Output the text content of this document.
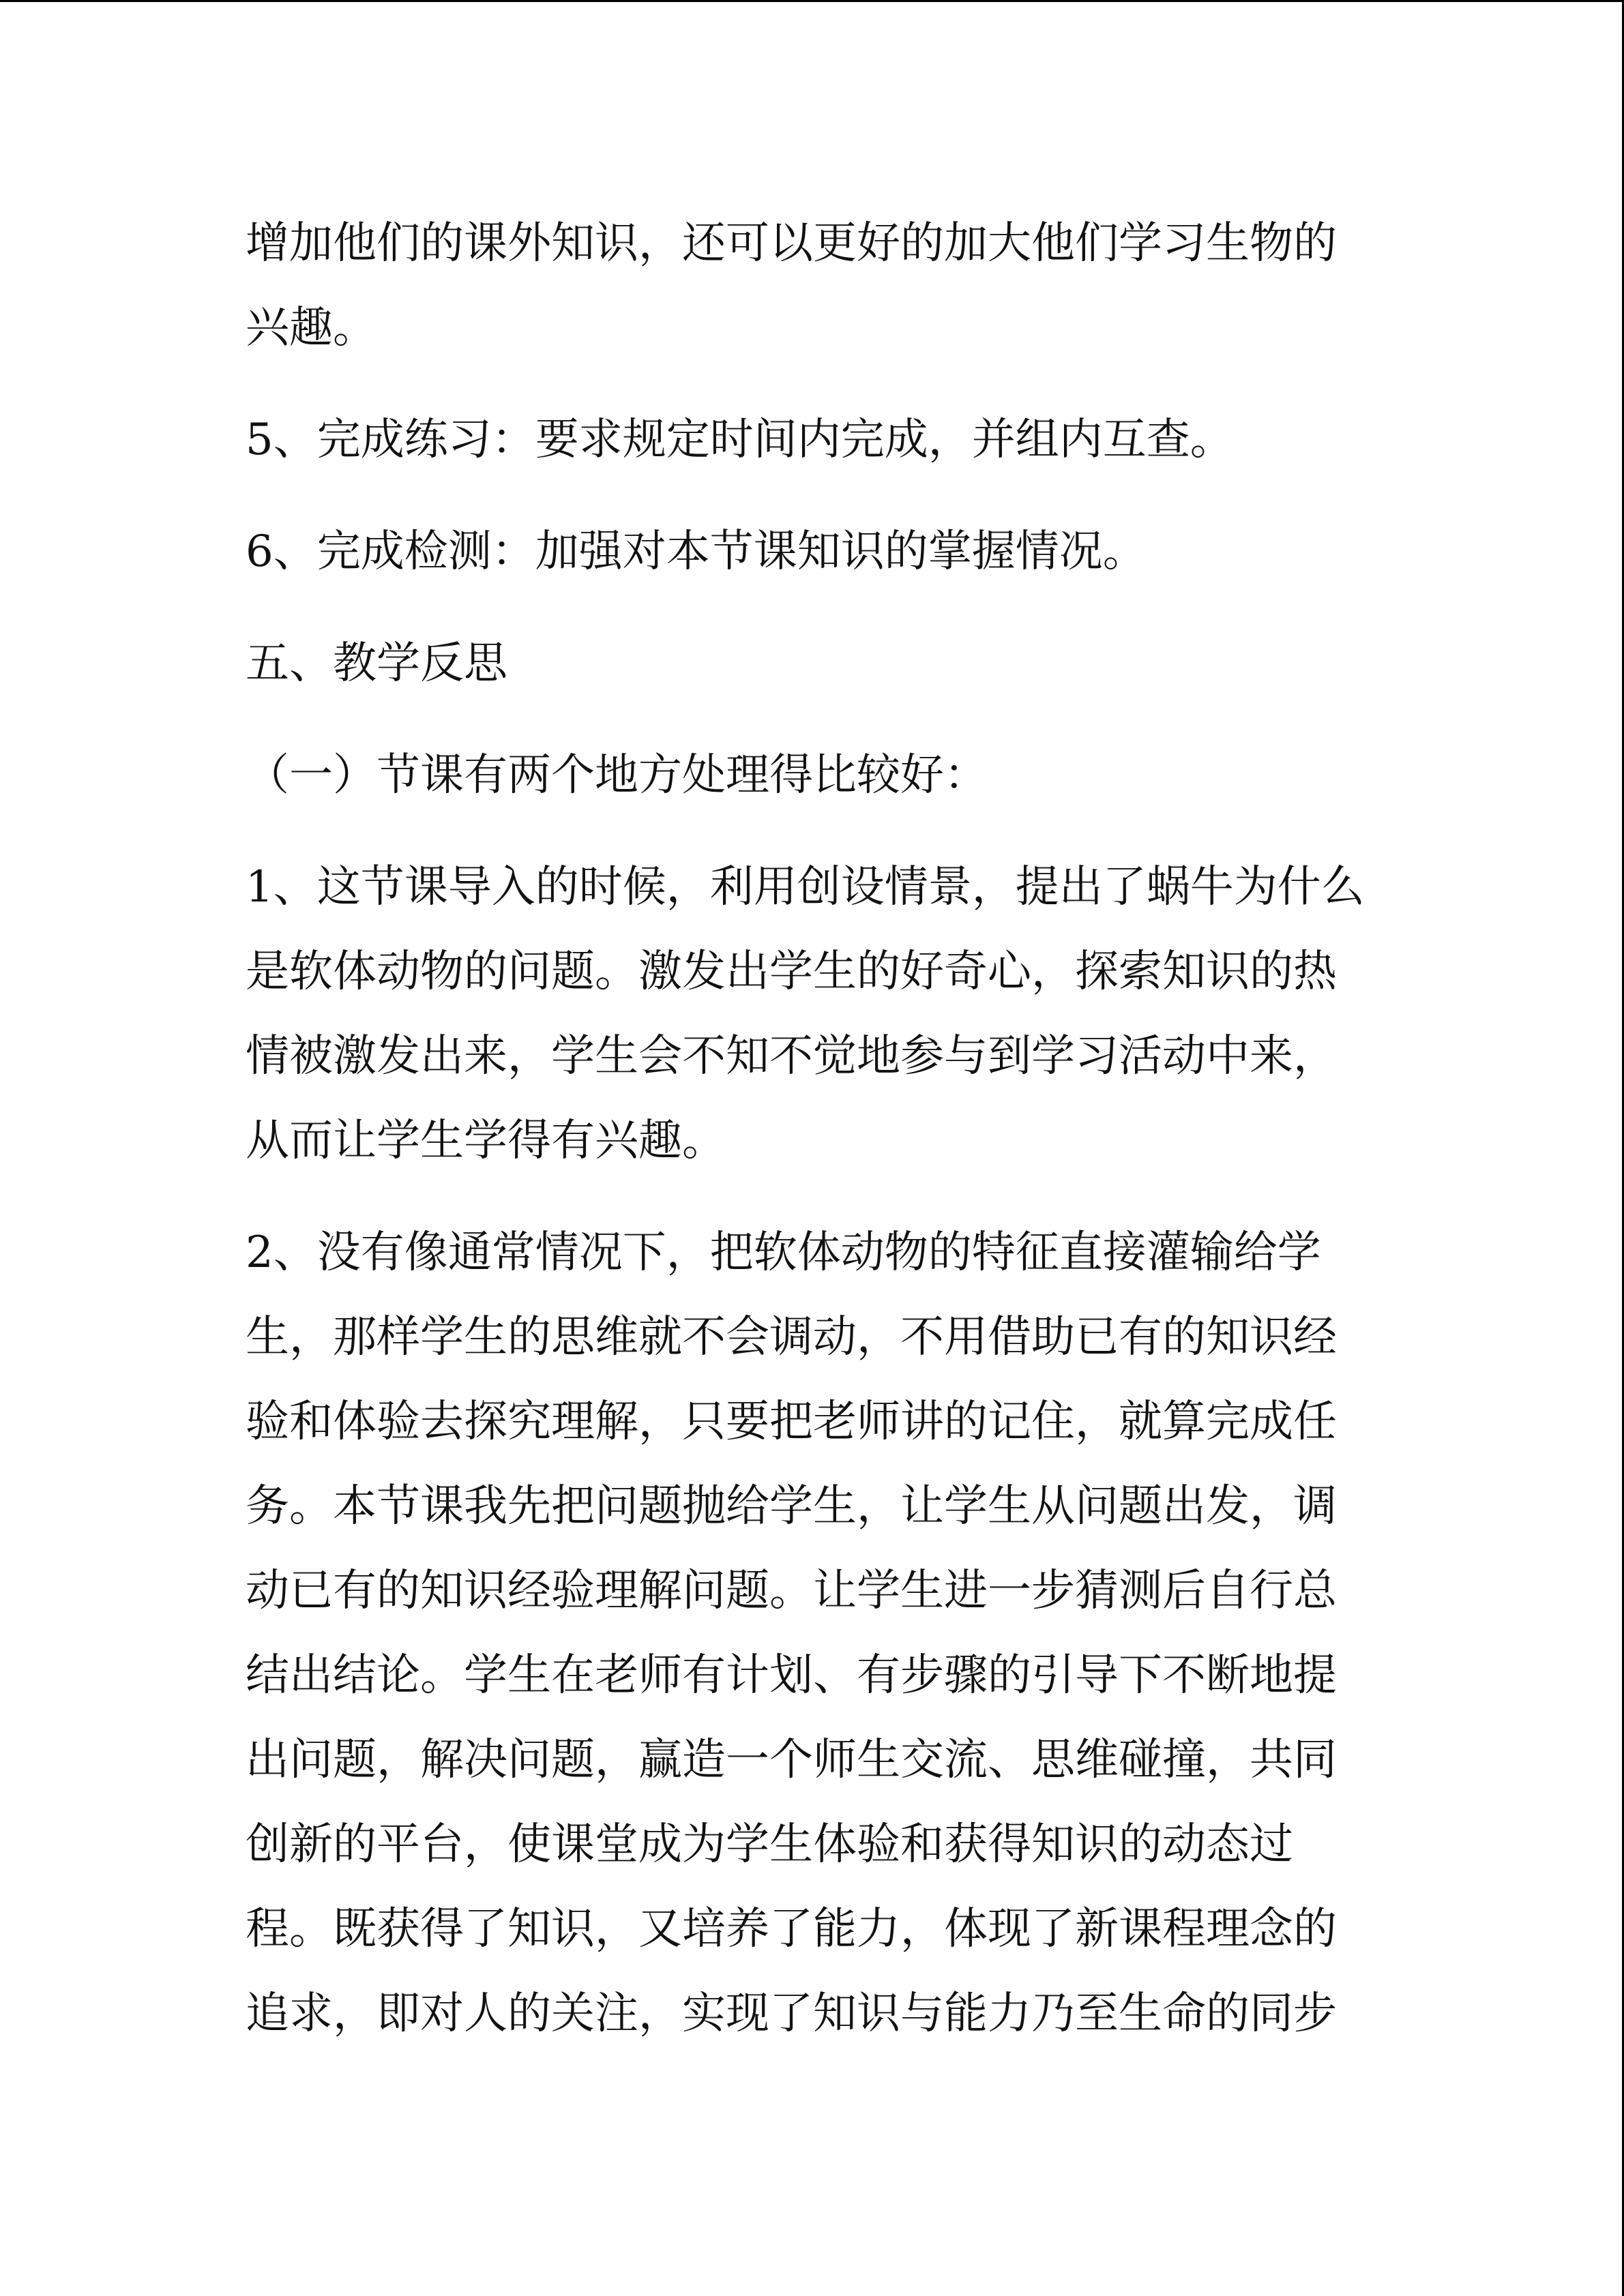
增加他们的课外知识，还可以更好的加大他们学习生物的

兴趣。

5、完成练习：要求规定时间内完成，并组内互查。

6、完成检测：加强对本节课知识的掌握情况。

五、教学反思

（一）节课有两个地方处理得比较好：

1、这节课导入的时候，利用创设情景，提出了蜗牛为什么

是软体动物的问题。激发出学生的好奇心，探索知识的热

情被激发出来，学生会不知不觉地参与到学习活动中来，

从而让学生学得有兴趣。

2、没有像通常情况下，把软体动物的特征直接灌输给学

生，那样学生的思维就不会调动，不用借助已有的知识经

验和体验去探究理解，只要把老师讲的记住，就算完成任

务。本节课我先把问题抛给学生，让学生从问题出发，调

动已有的知识经验理解问题。让学生进一步猜测后自行总

结出结论。学生在老师有计划、有步骤的引导下不断地提

出问题，解决问题，赢造一个师生交流、思维碰撞，共同

创新的平台，使课堂成为学生体验和获得知识的动态过

程。既获得了知识，又培养了能力，体现了新课程理念的

追求，即对人的关注，实现了知识与能力乃至生命的同步
